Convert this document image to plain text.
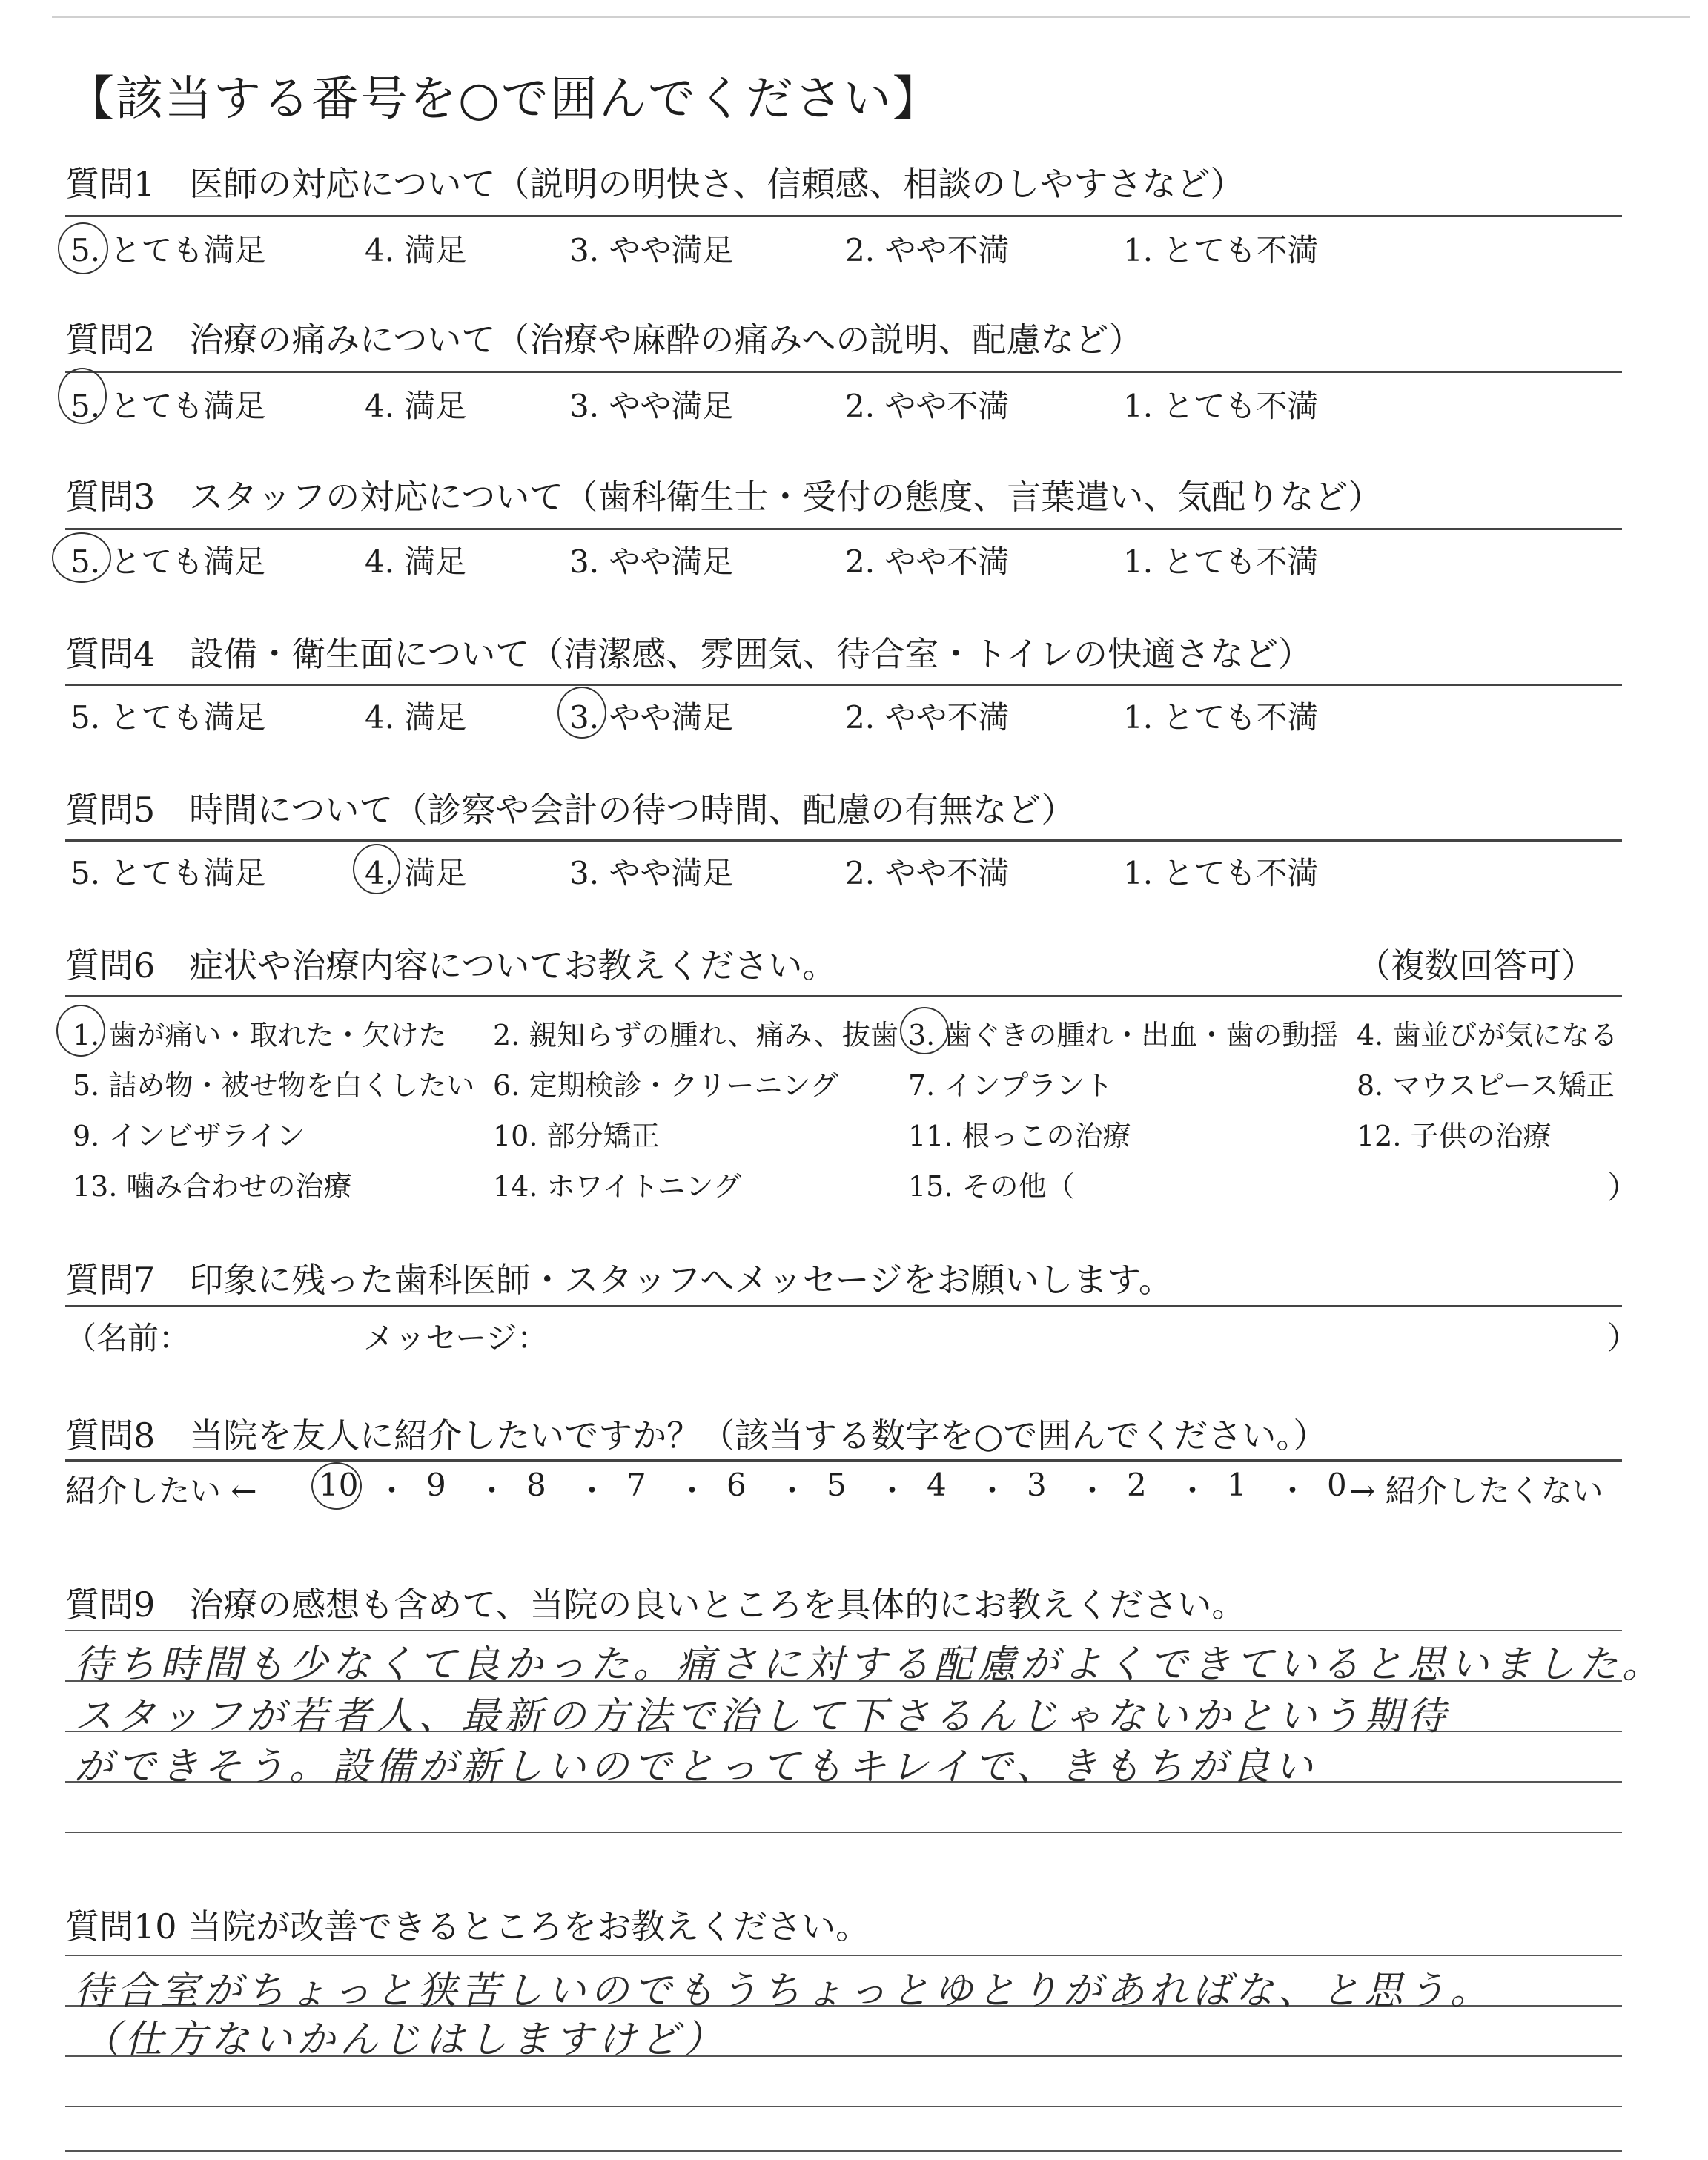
【該当する番号を○で囲んでください】
質問1　医師の対応について（説明の明快さ、信頼感、相談のしやすさなど）
5. とても満足	4. 満足	3. やや満足	2. やや不満	1. とても不満
質問2　治療の痛みについて（治療や麻酔の痛みへの説明、配慮など）
5. とても満足	4. 満足	3. やや満足	2. やや不満	1. とても不満
質問3　スタッフの対応について（歯科衛生士・受付の態度、言葉遣い、気配りなど）
5. とても満足	4. 満足	3. やや満足	2. やや不満	1. とても不満
質問4　設備・衛生面について（清潔感、雰囲気、待合室・トイレの快適さなど）
5. とても満足	4. 満足	3. やや満足	2. やや不満	1. とても不満
質問5　時間について（診察や会計の待つ時間、配慮の有無など）
5. とても満足	4. 満足	3. やや満足	2. やや不満	1. とても不満
質問6　症状や治療内容についてお教えください。	（複数回答可）
1. 歯が痛い・取れた・欠けた 2. 親知らずの腫れ、痛み、抜歯 3. 歯ぐきの腫れ・出血・歯の動揺 4. 歯並びが気になる
5. 詰め物・被せ物を白くしたい 6. 定期検診・クリーニング 7. インプラント	8. マウスピース矯正
9. インビザライン	10. 部分矯正	11. 根っこの治療	12. 子供の治療
13. 噛み合わせの治療	14. ホワイトニング	15. その他（	）
質問7　印象に残った歯科医師・スタッフへメッセージをお願いします。
（名前：	メッセージ：	）
質問8　当院を友人に紹介したいですか？（該当する数字を○で囲んでください。）
紹介したい ←	→ 紹介したくない
10 ・ 9 ・ 8 ・ 7 ・ 6 ・ 5 ・ 4 ・ 3 ・ 2 ・ 1 ・ 0
質問9　治療の感想も含めて、当院の良いところを具体的にお教えください。
待ち時間も少なくて良かった。痛さに対する配慮がよくできていると思いました。
スタッフが若者人、最新の方法で治して下さるんじゃないかという期待
ができそう。設備が新しいのでとってもキレイで、きもちが良い
質問10 当院が改善できるところをお教えください。
待合室がちょっと狭苦しいのでもうちょっとゆとりがあればな、と思う。
（仕方ないかんじはしますけど）
